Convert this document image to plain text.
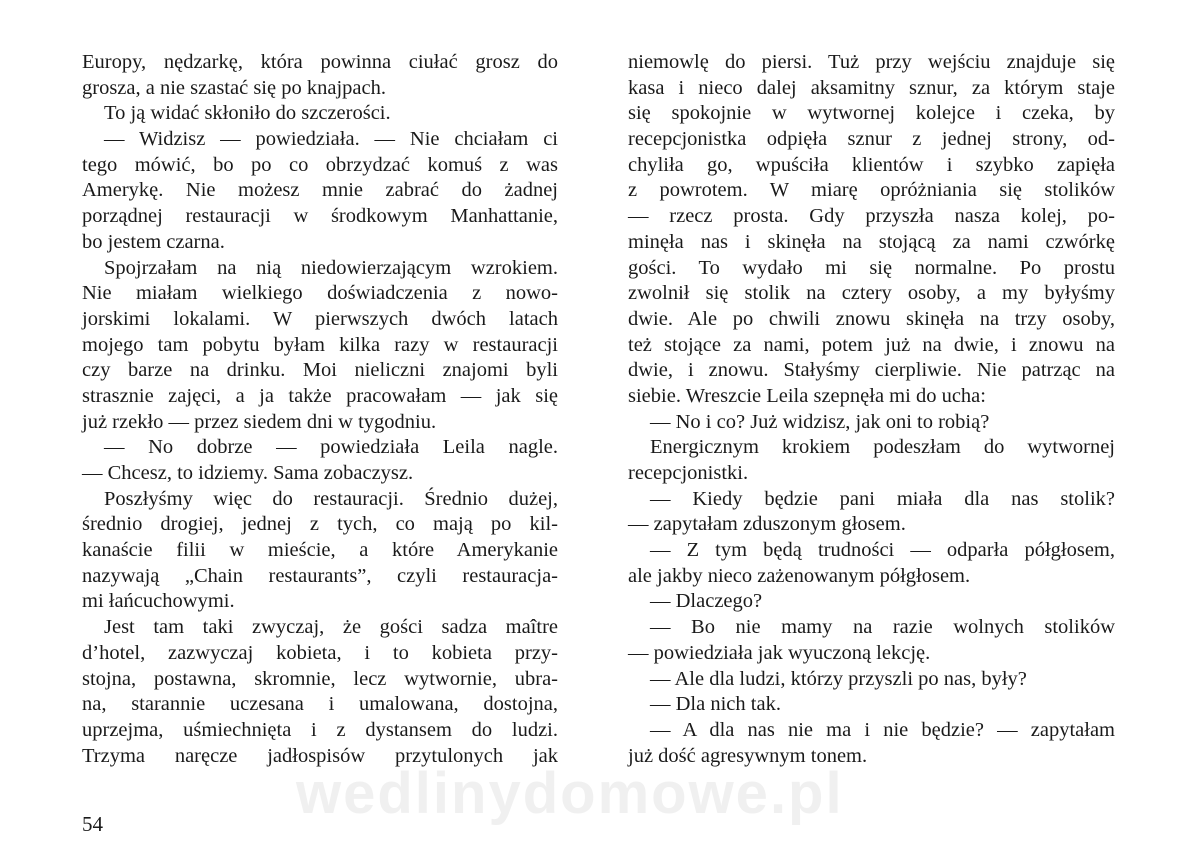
Europy, nędzarkę, która powinna ciułać grosz do
grosza, a nie szastać się po knajpach.
To ją widać skłoniło do szczerości.
— Widzisz — powiedziała. — Nie chciałam ci
tego mówić, bo po co obrzydzać komuś z was
Amerykę. Nie możesz mnie zabrać do żadnej
porządnej restauracji w środkowym Manhattanie,
bo jestem czarna.
Spojrzałam na nią niedowierzającym wzrokiem.
Nie miałam wielkiego doświadczenia z nowo-
jorskimi lokalami. W pierwszych dwóch latach
mojego tam pobytu byłam kilka razy w restauracji
czy barze na drinku. Moi nieliczni znajomi byli
strasznie zajęci, a ja także pracowałam — jak się
już rzekło — przez siedem dni w tygodniu.
— No dobrze — powiedziała Leila nagle.
— Chcesz, to idziemy. Sama zobaczysz.
Poszłyśmy więc do restauracji. Średnio dużej,
średnio drogiej, jednej z tych, co mają po kil-
kanaście filii w mieście, a które Amerykanie
nazywają „Chain restaurants”, czyli restauracja-
mi łańcuchowymi.
Jest tam taki zwyczaj, że gości sadza maître
d’hotel, zazwyczaj kobieta, i to kobieta przy-
stojna, postawna, skromnie, lecz wytwornie, ubra-
na, starannie uczesana i umalowana, dostojna,
uprzejma, uśmiechnięta i z dystansem do ludzi.
Trzyma naręcze jadłospisów przytulonych jak
niemowlę do piersi. Tuż przy wejściu znajduje się
kasa i nieco dalej aksamitny sznur, za którym staje
się spokojnie w wytwornej kolejce i czeka, by
recepcjonistka odpięła sznur z jednej strony, od-
chyliła go, wpuściła klientów i szybko zapięła
z powrotem. W miarę opróżniania się stolików
— rzecz prosta. Gdy przyszła nasza kolej, po-
minęła nas i skinęła na stojącą za nami czwórkę
gości. To wydało mi się normalne. Po prostu
zwolnił się stolik na cztery osoby, a my byłyśmy
dwie. Ale po chwili znowu skinęła na trzy osoby,
też stojące za nami, potem już na dwie, i znowu na
dwie, i znowu. Stałyśmy cierpliwie. Nie patrząc na
siebie. Wreszcie Leila szepnęła mi do ucha:
— No i co? Już widzisz, jak oni to robią?
Energicznym krokiem podeszłam do wytwornej
recepcjonistki.
— Kiedy będzie pani miała dla nas stolik?
— zapytałam zduszonym głosem.
— Z tym będą trudności — odparła półgłosem,
ale jakby nieco zażenowanym półgłosem.
— Dlaczego?
— Bo nie mamy na razie wolnych stolików
— powiedziała jak wyuczoną lekcję.
— Ale dla ludzi, którzy przyszli po nas, były?
— Dla nich tak.
— A dla nas nie ma i nie będzie? — zapytałam
już dość agresywnym tonem.
54	wedlinydomowe.pl
